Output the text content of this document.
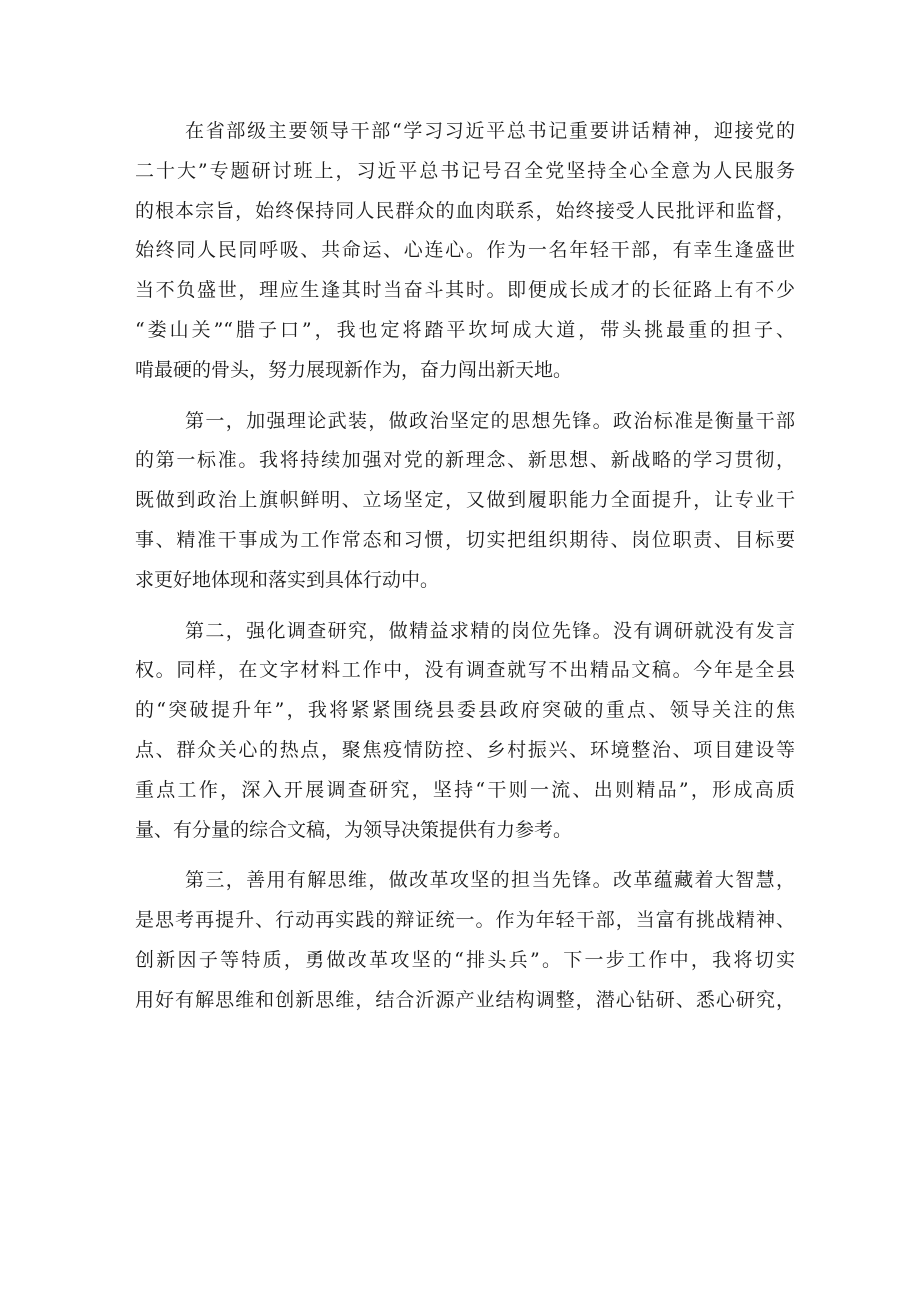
在省部级主要领导干部“学习习近平总书记重要讲话精神，迎接党的
二十大”专题研讨班上，习近平总书记号召全党坚持全心全意为人民服务
的根本宗旨，始终保持同人民群众的血肉联系，始终接受人民批评和监督，
始终同人民同呼吸、共命运、心连心。作为一名年轻干部，有幸生逢盛世
当不负盛世，理应生逢其时当奋斗其时。即便成长成才的长征路上有不少
“娄山关”“腊子口”，我也定将踏平坎坷成大道，带头挑最重的担子、
啃最硬的骨头，努力展现新作为，奋力闯出新天地。
第一，加强理论武装，做政治坚定的思想先锋。政治标准是衡量干部
的第一标准。我将持续加强对党的新理念、新思想、新战略的学习贯彻，
既做到政治上旗帜鲜明、立场坚定，又做到履职能力全面提升，让专业干
事、精准干事成为工作常态和习惯，切实把组织期待、岗位职责、目标要
求更好地体现和落实到具体行动中。
第二，强化调查研究，做精益求精的岗位先锋。没有调研就没有发言
权。同样，在文字材料工作中，没有调查就写不出精品文稿。今年是全县
的“突破提升年”，我将紧紧围绕县委县政府突破的重点、领导关注的焦
点、群众关心的热点，聚焦疫情防控、乡村振兴、环境整治、项目建设等
重点工作，深入开展调查研究，坚持“干则一流、出则精品”，形成高质
量、有分量的综合文稿，为领导决策提供有力参考。
第三，善用有解思维，做改革攻坚的担当先锋。改革蕴藏着大智慧，
是思考再提升、行动再实践的辩证统一。作为年轻干部，当富有挑战精神、
创新因子等特质，勇做改革攻坚的“排头兵”。下一步工作中，我将切实
用好有解思维和创新思维，结合沂源产业结构调整，潜心钻研、悉心研究，
